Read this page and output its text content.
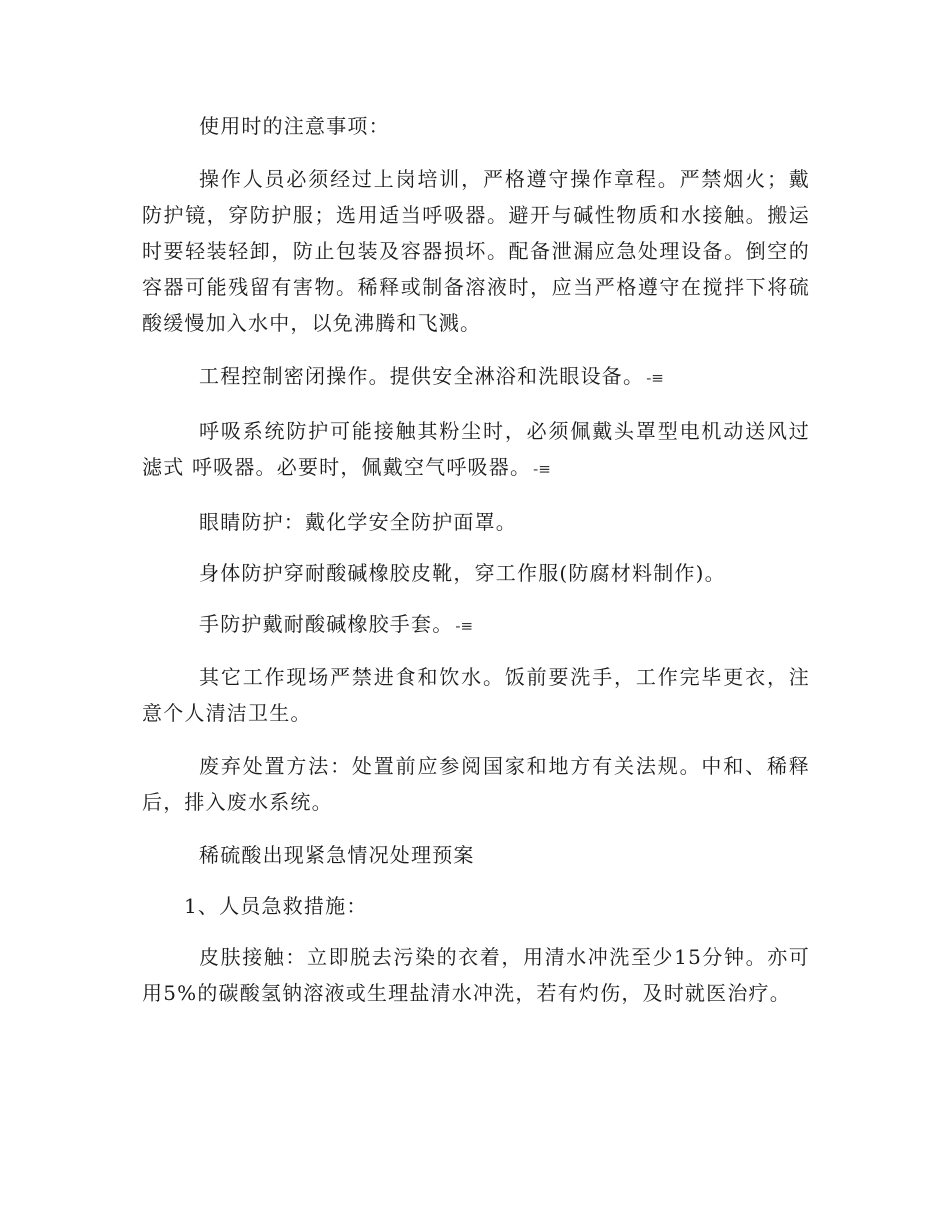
使用时的注意事项：

操作人员必须经过上岗培训，严格遵守操作章程。严禁烟火；戴防护镜，穿防护服；选用适当呼吸器。避开与碱性物质和水接触。搬运时要轻装轻卸，防止包装及容器损坏。配备泄漏应急处理设备。倒空的容器可能残留有害物。稀释或制备溶液时，应当严格遵守在搅拌下将硫酸缓慢加入水中，以免沸腾和飞溅。

工程控制密闭操作。提供安全淋浴和洗眼设备。 -≡

呼吸系统防护可能接触其粉尘时，必须佩戴头罩型电机动送风过滤式 呼吸器。必要时，佩戴空气呼吸器。 -≡

眼睛防护：戴化学安全防护面罩。

身体防护穿耐酸碱橡胶皮靴，穿工作服(防腐材料制作)。

手防护戴耐酸碱橡胶手套。 -≡

其它工作现场严禁进食和饮水。饭前要洗手，工作完毕更衣，注意个人清洁卫生。

废弃处置方法：处置前应参阅国家和地方有关法规。中和、稀释后，排入废水系统。

稀硫酸出现紧急情况处理预案

1、人员急救措施：

皮肤接触：立即脱去污染的衣着，用清水冲洗至少15分钟。亦可用5%的碳酸氢钠溶液或生理盐清水冲洗，若有灼伤，及时就医治疗。
